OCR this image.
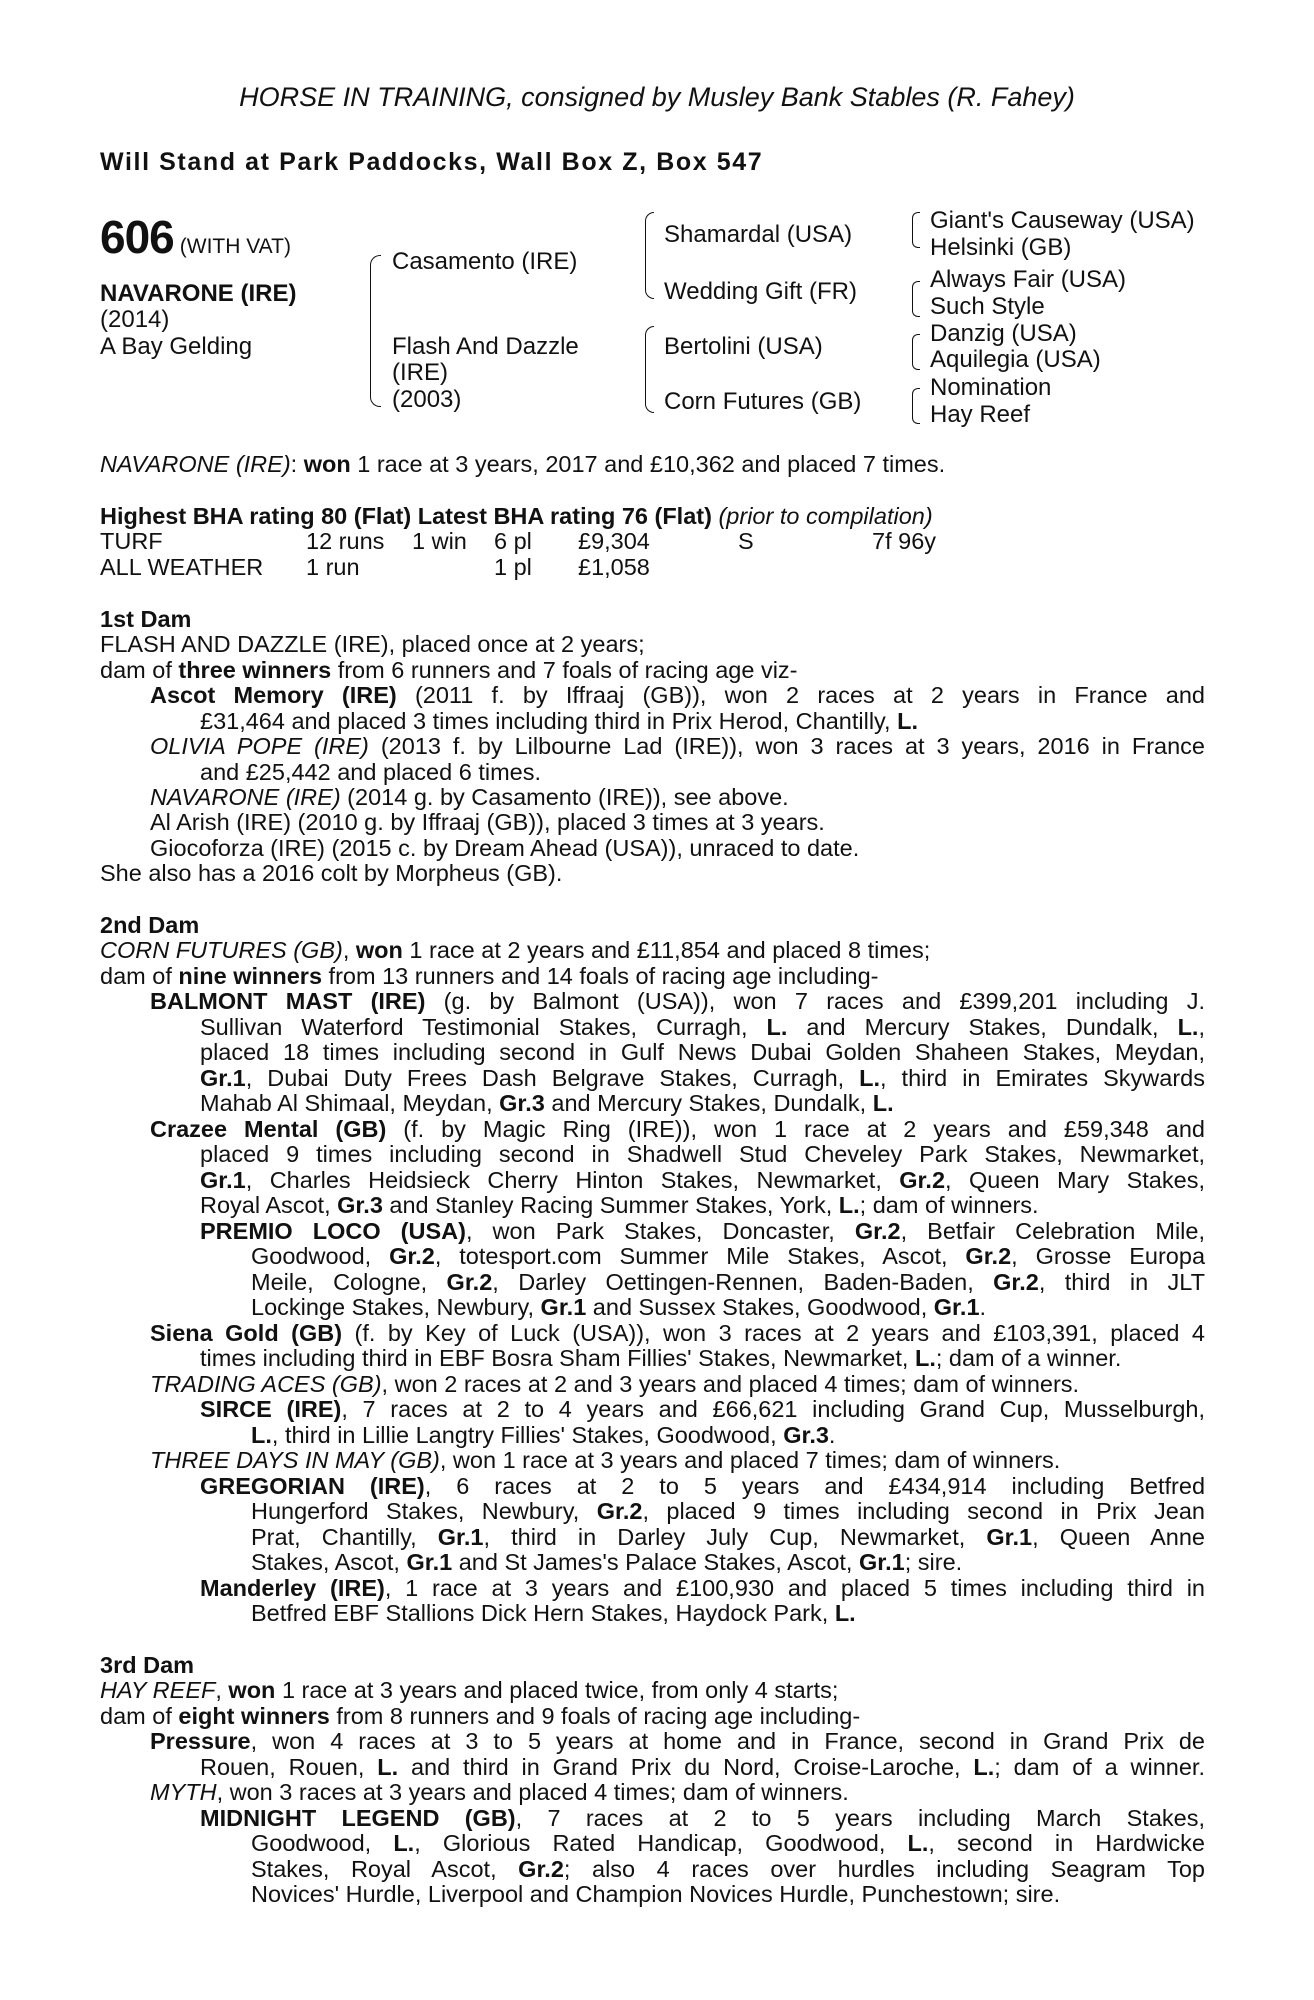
HORSE IN TRAINING, consigned by Musley Bank Stables (R. Fahey)
Will Stand at Park Paddocks, Wall Box Z, Box 547
606 (WITH VAT)
NAVARONE (IRE)
(2014)
A Bay Gelding
Casamento (IRE)
Flash And Dazzle
(IRE)
(2003)
Shamardal (USA)
Wedding Gift (FR)
Bertolini (USA)
Corn Futures (GB)
Giant's Causeway (USA)
Helsinki (GB)
Always Fair (USA)
Such Style
Danzig (USA)
Aquilegia (USA)
Nomination
Hay Reef
NAVARONE (IRE): won 1 race at 3 years, 2017 and £10,362 and placed 7 times.
Highest BHA rating 80 (Flat) Latest BHA rating 76 (Flat) (prior to compilation)
TURF	12 runs 1 win 6 pl £9,304	S	7f 96y
ALL WEATHER 1 run	1 pl £1,058
1st Dam
FLASH AND DAZZLE (IRE), placed once at 2 years;
dam of three winners from 6 runners and 7 foals of racing age viz-
Ascot Memory (IRE) (2011 f. by Iffraaj (GB)), won 2 races at 2 years in France and
£31,464 and placed 3 times including third in Prix Herod, Chantilly, L.
OLIVIA POPE (IRE) (2013 f. by Lilbourne Lad (IRE)), won 3 races at 3 years, 2016 in France
and £25,442 and placed 6 times.
NAVARONE (IRE) (2014 g. by Casamento (IRE)), see above.
Al Arish (IRE) (2010 g. by Iffraaj (GB)), placed 3 times at 3 years.
Giocoforza (IRE) (2015 c. by Dream Ahead (USA)), unraced to date.
She also has a 2016 colt by Morpheus (GB).
2nd Dam
CORN FUTURES (GB), won 1 race at 2 years and £11,854 and placed 8 times;
dam of nine winners from 13 runners and 14 foals of racing age including-
BALMONT MAST (IRE) (g. by Balmont (USA)), won 7 races and £399,201 including J.
Sullivan Waterford Testimonial Stakes, Curragh, L. and Mercury Stakes, Dundalk, L.,
placed 18 times including second in Gulf News Dubai Golden Shaheen Stakes, Meydan,
Gr.1, Dubai Duty Frees Dash Belgrave Stakes, Curragh, L., third in Emirates Skywards
Mahab Al Shimaal, Meydan, Gr.3 and Mercury Stakes, Dundalk, L.
Crazee Mental (GB) (f. by Magic Ring (IRE)), won 1 race at 2 years and £59,348 and
placed 9 times including second in Shadwell Stud Cheveley Park Stakes, Newmarket,
Gr.1, Charles Heidsieck Cherry Hinton Stakes, Newmarket, Gr.2, Queen Mary Stakes,
Royal Ascot, Gr.3 and Stanley Racing Summer Stakes, York, L.; dam of winners.
PREMIO LOCO (USA), won Park Stakes, Doncaster, Gr.2, Betfair Celebration Mile,
Goodwood, Gr.2, totesport.com Summer Mile Stakes, Ascot, Gr.2, Grosse Europa
Meile, Cologne, Gr.2, Darley Oettingen-Rennen, Baden-Baden, Gr.2, third in JLT
Lockinge Stakes, Newbury, Gr.1 and Sussex Stakes, Goodwood, Gr.1.
Siena Gold (GB) (f. by Key of Luck (USA)), won 3 races at 2 years and £103,391, placed 4
times including third in EBF Bosra Sham Fillies' Stakes, Newmarket, L.; dam of a winner.
TRADING ACES (GB), won 2 races at 2 and 3 years and placed 4 times; dam of winners.
SIRCE (IRE), 7 races at 2 to 4 years and £66,621 including Grand Cup, Musselburgh,
L., third in Lillie Langtry Fillies' Stakes, Goodwood, Gr.3.
THREE DAYS IN MAY (GB), won 1 race at 3 years and placed 7 times; dam of winners.
GREGORIAN (IRE), 6 races at 2 to 5 years and £434,914 including Betfred
Hungerford Stakes, Newbury, Gr.2, placed 9 times including second in Prix Jean
Prat, Chantilly, Gr.1, third in Darley July Cup, Newmarket, Gr.1, Queen Anne
Stakes, Ascot, Gr.1 and St James's Palace Stakes, Ascot, Gr.1; sire.
Manderley (IRE), 1 race at 3 years and £100,930 and placed 5 times including third in
Betfred EBF Stallions Dick Hern Stakes, Haydock Park, L.
3rd Dam
HAY REEF, won 1 race at 3 years and placed twice, from only 4 starts;
dam of eight winners from 8 runners and 9 foals of racing age including-
Pressure, won 4 races at 3 to 5 years at home and in France, second in Grand Prix de
Rouen, Rouen, L. and third in Grand Prix du Nord, Croise-Laroche, L.; dam of a winner.
MYTH, won 3 races at 3 years and placed 4 times; dam of winners.
MIDNIGHT LEGEND (GB), 7 races at 2 to 5 years including March Stakes,
Goodwood, L., Glorious Rated Handicap, Goodwood, L., second in Hardwicke
Stakes, Royal Ascot, Gr.2; also 4 races over hurdles including Seagram Top
Novices' Hurdle, Liverpool and Champion Novices Hurdle, Punchestown; sire.
